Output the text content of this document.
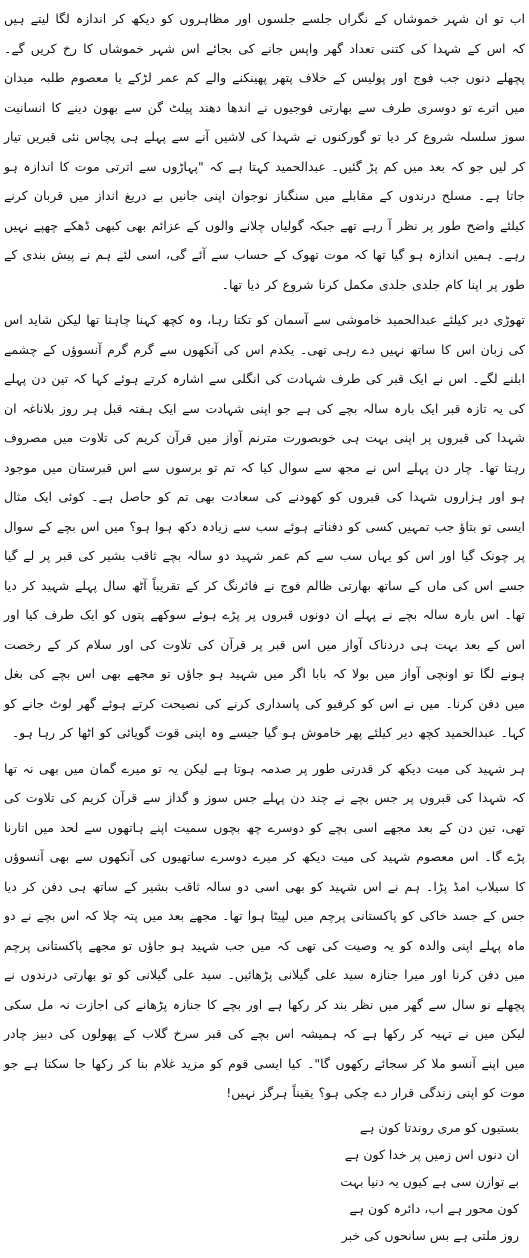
اب تو ان شہر خموشاں کے نگراں جلسے جلسوں اور مظاہروں کو دیکھ کر اندازہ لگا لیتے ہیں کہ اس کے شہدا کی کتنی تعداد گھر واپس جانے کی بجائے اس شہر خموشاں کا رخ کریں گے۔ پچھلے دنوں جب فوج اور پولیس کے خلاف پتھر پھینکنے والے کم عمر لڑکے یا معصوم طلبہ میدان میں اترے تو دوسری طرف سے بھارتی فوجیوں نے اندھا دھند پیلٹ گن سے بھون دینے کا انسانیت سوز سلسلہ شروع کر دیا تو گورکنوں نے شہدا کی لاشیں آنے سے پہلے ہی پچاس نئی قبریں تیار کر لیں جو کہ بعد میں کم پڑ گئیں۔ عبدالحمید کہتا ہے کہ "پہاڑوں سے اترتی موت کا اندازہ ہو جاتا ہے۔ مسلح درندوں کے مقابلے میں سنگباز نوجوان اپنی جانیں بے دریغ انداز میں قربان کرنے کیلئے واضح طور پر نظر آ رہے تھے جبکہ گولیاں چلانے والوں کے عزائم بھی کبھی ڈھکے چھپے نہیں رہے۔ ہمیں اندازہ ہو گیا تھا کہ موت تھوک کے حساب سے آئے گی، اسی لئے ہم نے پیش بندی کے طور پر اپنا کام جلدی جلدی مکمل کرنا شروع کر دیا تھا۔

تھوڑی دیر کیلئے عبدالحمید خاموشی سے آسمان کو تکتا رہا، وہ کچھ کہنا چاہتا تھا لیکن شاید اس کی زبان اس کا ساتھ نہیں دے رہی تھی۔ یکدم اس کی آنکھوں سے گرم گرم آنسوؤں کے چشمے ابلنے لگے۔ اس نے ایک قبر کی طرف شہادت کی انگلی سے اشارہ کرتے ہوئے کہا کہ تین دن پہلے کی یہ تازہ قبر ایک بارہ سالہ بچے کی ہے جو اپنی شہادت سے ایک ہفتہ قبل ہر روز بلاناغہ ان شہدا کی قبروں پر اپنی بہت ہی خوبصورت مترنم آواز میں قرآن کریم کی تلاوت میں مصروف رہتا تھا۔ چار دن پہلے اس نے مجھ سے سوال کیا کہ تم تو برسوں سے اس قبرستان میں موجود ہو اور ہزاروں شہدا کی قبروں کو کھودنے کی سعادت بھی تم کو حاصل ہے۔ کوئی ایک مثال ایسی تو بتاؤ جب تمہیں کسی کو دفناتے ہوئے سب سے زیادہ دکھ ہوا ہو؟ میں اس بچے کے سوال پر چونک گیا اور اس کو یہاں سب سے کم عمر شہید دو سالہ بچے ثاقب بشیر کی قبر پر لے گیا جسے اس کی ماں کے ساتھ بھارتی ظالم فوج نے فائرنگ کر کے تقریباً آٹھ سال پہلے شہید کر دیا تھا۔ اس بارہ سالہ بچے نے پہلے ان دونوں قبروں پر پڑے ہوئے سوکھے پتوں کو ایک طرف کیا اور اس کے بعد بہت ہی دردناک آواز میں اس قبر پر قرآن کی تلاوت کی اور سلام کر کے رخصت ہونے لگا تو اونچی آواز میں بولا کہ بابا اگر میں شہید ہو جاؤں تو مجھے بھی اس بچے کی بغل میں دفن کرنا۔ میں نے اس کو کرفیو کی پاسداری کرنے کی نصیحت کرتے ہوئے گھر لوٹ جانے کو کہا۔ عبدالحمید کچھ دیر کیلئے پھر خاموش ہو گیا جیسے وہ اپنی قوت گویائی کو اٹھا کر رہا ہو۔

ہر شہید کی میت دیکھ کر قدرتی طور پر صدمہ ہوتا ہے لیکن یہ تو میرے گمان میں بھی نہ تھا کہ شہدا کی قبروں پر جس بچے نے چند دن پہلے جس سوز و گداز سے قرآن کریم کی تلاوت کی تھی، تین دن کے بعد مجھے اسی بچے کو دوسرے چھ بچوں سمیت اپنے ہاتھوں سے لحد میں اتارنا پڑے گا۔ اس معصوم شہید کی میت دیکھ کر میرے دوسرے ساتھیوں کی آنکھوں سے بھی آنسوؤں کا سیلاب امڈ پڑا۔ ہم نے اس شہید کو بھی اسی دو سالہ ثاقب بشیر کے ساتھ ہی دفن کر دیا جس کے جسد خاکی کو پاکستانی پرچم میں لپیٹا ہوا تھا۔ مجھے بعد میں پتہ چلا کہ اس بچے نے دو ماہ پہلے اپنی والدہ کو یہ وصیت کی تھی کہ میں جب شہید ہو جاؤں تو مجھے پاکستانی پرچم میں دفن کرنا اور میرا جنازہ سید علی گیلانی پڑھائیں۔ سید علی گیلانی کو تو بھارتی درندوں نے پچھلے نو سال سے گھر میں نظر بند کر رکھا ہے اور بچے کا جنازہ پڑھانے کی اجازت نہ مل سکی لیکن میں نے تہیہ کر رکھا ہے کہ ہمیشہ اس بچے کی قبر سرخ گلاب کے پھولوں کی دبیز چادر میں اپنے آنسو ملا کر سجائے رکھوں گا"۔ کیا ایسی قوم کو مزید غلام بنا کر رکھا جا سکتا ہے جو موت کو اپنی زندگی قرار دے چکی ہو؟ یقیناً ہرگز نہیں!

بستیوں کو مری روندتا کون ہے

ان دنوں اس زمیں پر خدا کون ہے

بے توازن سی ہے کیوں یہ دنیا بہت

کون محور ہے اب، دائرہ کون ہے

روز ملتی ہے بس سانحوں کی خبر
